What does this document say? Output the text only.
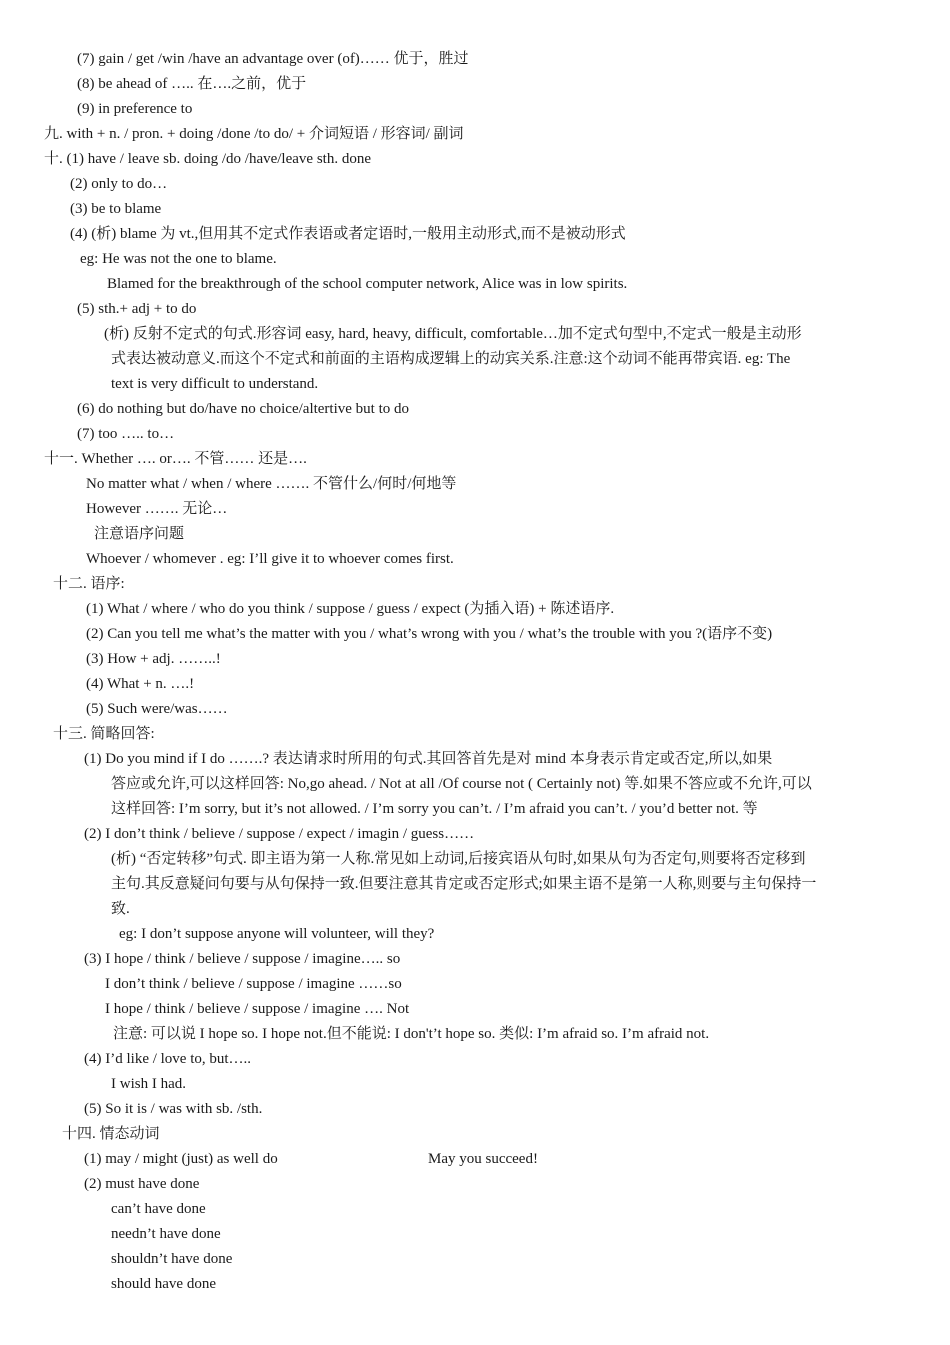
(7) gain / get /win /have an advantage over (of)…… 优于，胜过
(8) be ahead of ….. 在….之前，优于
(9) in preference to
九. with + n. / pron. + doing /done /to do/ + 介词短语 / 形容词/ 副词
十. (1) have / leave sb. doing /do /have/leave sth. done
(2) only to do…
(3) be to blame
(4) (析) blame 为 vt.,但用其不定式作表语或者定语时,一般用主动形式,而不是被动形式
eg: He was not the one to blame.
Blamed for the breakthrough of the school computer network, Alice was in low spirits.
(5) sth.+ adj + to do
(析) 反射不定式的句式.形容词 easy, hard, heavy, difficult, comfortable…加不定式句型中,不定式一般是主动形
式表达被动意义.而这个不定式和前面的主语构成逻辑上的动宾关系.注意:这个动词不能再带宾语. eg: The
text is very difficult to understand.
(6) do nothing but do/have no choice/altertive but to do
(7) too ….. to…
十一. Whether …. or…. 不管…… 还是….
No matter what / when / where ……. 不管什么/何时/何地等
However ……. 无论…
注意语序问题
Whoever / whomever . eg: I’ll give it to whoever comes first.
十二. 语序:
(1) What / where / who do you think / suppose / guess / expect (为插入语) + 陈述语序.
(2) Can you tell me what’s the matter with you / what’s wrong with you / what’s the trouble with you ?(语序不变)
(3) How + adj. ……..!
(4) What + n. ….!
(5) Such were/was……
十三. 简略回答:
(1) Do you mind if I do …….? 表达请求时所用的句式.其回答首先是对 mind 本身表示肯定或否定,所以,如果
答应或允许,可以这样回答: No,go ahead. / Not at all /Of course not ( Certainly not) 等.如果不答应或不允许,可以
这样回答: I’m sorry, but it’s not allowed. / I’m sorry you can’t. / I’m afraid you can’t. / you’d better not. 等
(2) I don’t think / believe / suppose / expect / imagin / guess……
(析) “否定转移”句式. 即主语为第一人称.常见如上动词,后接宾语从句时,如果从句为否定句,则要将否定移到
主句.其反意疑问句要与从句保持一致.但要注意其肯定或否定形式;如果主语不是第一人称,则要与主句保持一
致.
eg: I don’t suppose anyone will volunteer, will they?
(3) I hope / think / believe / suppose / imagine….. so
I don’t think / believe / suppose / imagine ……so
I hope / think / believe / suppose / imagine …. Not
注意: 可以说 I hope so. I hope not.但不能说: I don't’t hope so. 类似: I’m afraid so. I’m afraid not.
(4) I’d like / love to, but…..
I wish I had.
(5) So it is / was with sb. /sth.
十四. 情态动词
(1) may / might (just) as well do	May you succeed!
(2) must have done
can’t have done
needn’t have done
shouldn’t have done
should have done
